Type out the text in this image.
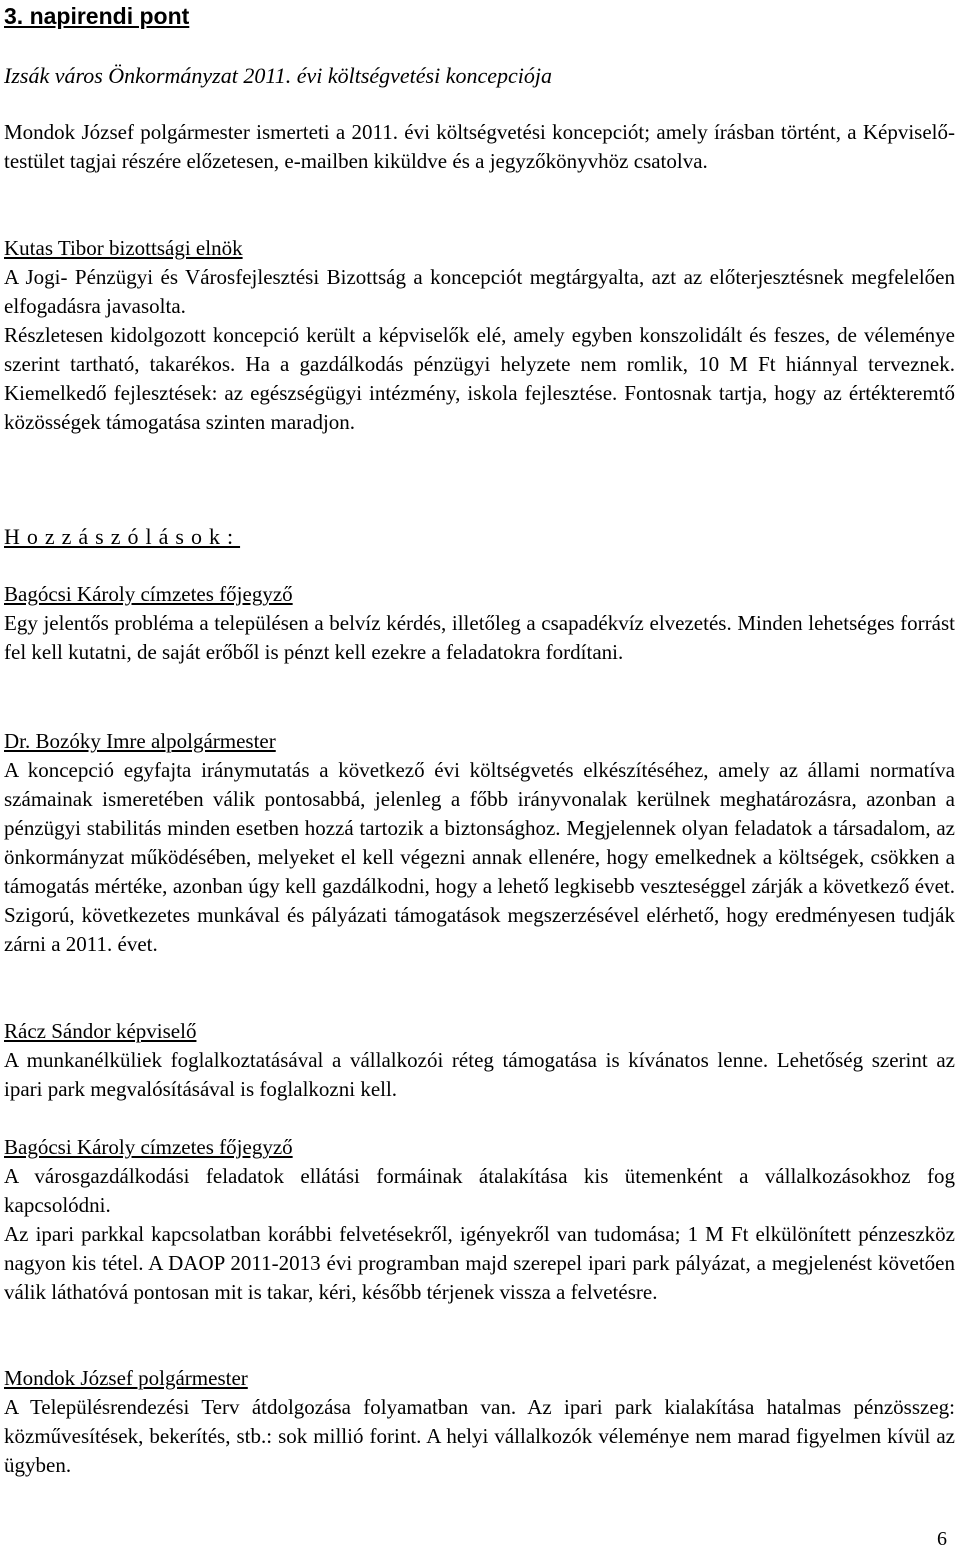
3. napirendi pont
Izsák város Önkormányzat 2011. évi költségvetési koncepciója
Mondok József polgármester ismerteti a 2011. évi költségvetési koncepciót; amely írásban történt, a Képviselő-testület tagjai részére előzetesen, e-mailben kiküldve és a jegyzőkönyvhöz csatolva.
Kutas Tibor bizottsági elnök

A Jogi- Pénzügyi és Városfejlesztési Bizottság a koncepciót megtárgyalta, azt az előterjesztésnek megfelelően elfogadásra javasolta.

Részletesen kidolgozott koncepció került a képviselők elé, amely egyben konszolidált és feszes, de véleménye szerint tartható, takarékos. Ha a gazdálkodás pénzügyi helyzete nem romlik, 10 M Ft hiánnyal terveznek. Kiemelkedő fejlesztések: az egészségügyi intézmény, iskola fejlesztése. Fontosnak tartja, hogy az értékteremtő közösségek támogatása szinten maradjon.

Hozzászólások:
Bagócsi Károly címzetes főjegyző

Egy jelentős probléma a településen a belvíz kérdés, illetőleg a csapadékvíz elvezetés. Minden lehetséges forrást fel kell kutatni, de saját erőből is pénzt kell ezekre a feladatokra fordítani.

Dr. Bozóky Imre alpolgármester

A koncepció egyfajta iránymutatás a következő évi költségvetés elkészítéséhez, amely az állami normatíva számainak ismeretében válik pontosabbá, jelenleg a főbb irányvonalak kerülnek meghatározásra, azonban a pénzügyi stabilitás minden esetben hozzá tartozik a biztonsághoz. Megjelennek olyan feladatok a társadalom, az önkormányzat működésében, melyeket el kell végezni annak ellenére, hogy emelkednek a költségek, csökken a támogatás mértéke, azonban úgy kell gazdálkodni, hogy a lehető legkisebb veszteséggel zárják a következő évet. Szigorú, következetes munkával és pályázati támogatások megszerzésével elérhető, hogy eredményesen tudják zárni a 2011. évet.

Rácz Sándor képviselő

A munkanélküliek foglalkoztatásával a vállalkozói réteg támogatása is kívánatos lenne. Lehetőség szerint az ipari park megvalósításával is foglalkozni kell.

Bagócsi Károly címzetes főjegyző

A városgazdálkodási feladatok ellátási formáinak átalakítása kis ütemenként a vállalkozásokhoz fog kapcsolódni.

Az ipari parkkal kapcsolatban korábbi felvetésekről, igényekről van tudomása; 1 M Ft elkülönített pénzeszköz nagyon kis tétel. A DAOP 2011-2013 évi programban majd szerepel ipari park pályázat, a megjelenést követően válik láthatóvá pontosan mit is takar, kéri, később térjenek vissza a felvetésre.

Mondok József polgármester

A Településrendezési Terv átdolgozása folyamatban van. Az ipari park kialakítása hatalmas pénzösszeg: közművesítések, bekerítés, stb.: sok millió forint. A helyi vállalkozók véleménye nem marad figyelmen kívül az ügyben.

6
